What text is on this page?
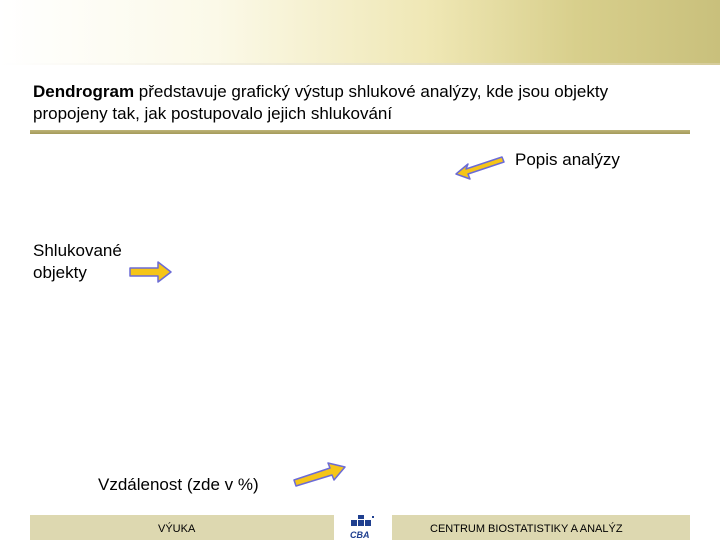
Dendrogram představuje grafický výstup shlukové analýzy, kde jsou objekty propojeny tak, jak postupovalo jejich shlukování
Popis analýzy
Shlukované
objekty
Vzdálenost (zde v %)
VÝUKA	CENTRUM BIOSTATISTIKY A ANALÝZ
CBA
